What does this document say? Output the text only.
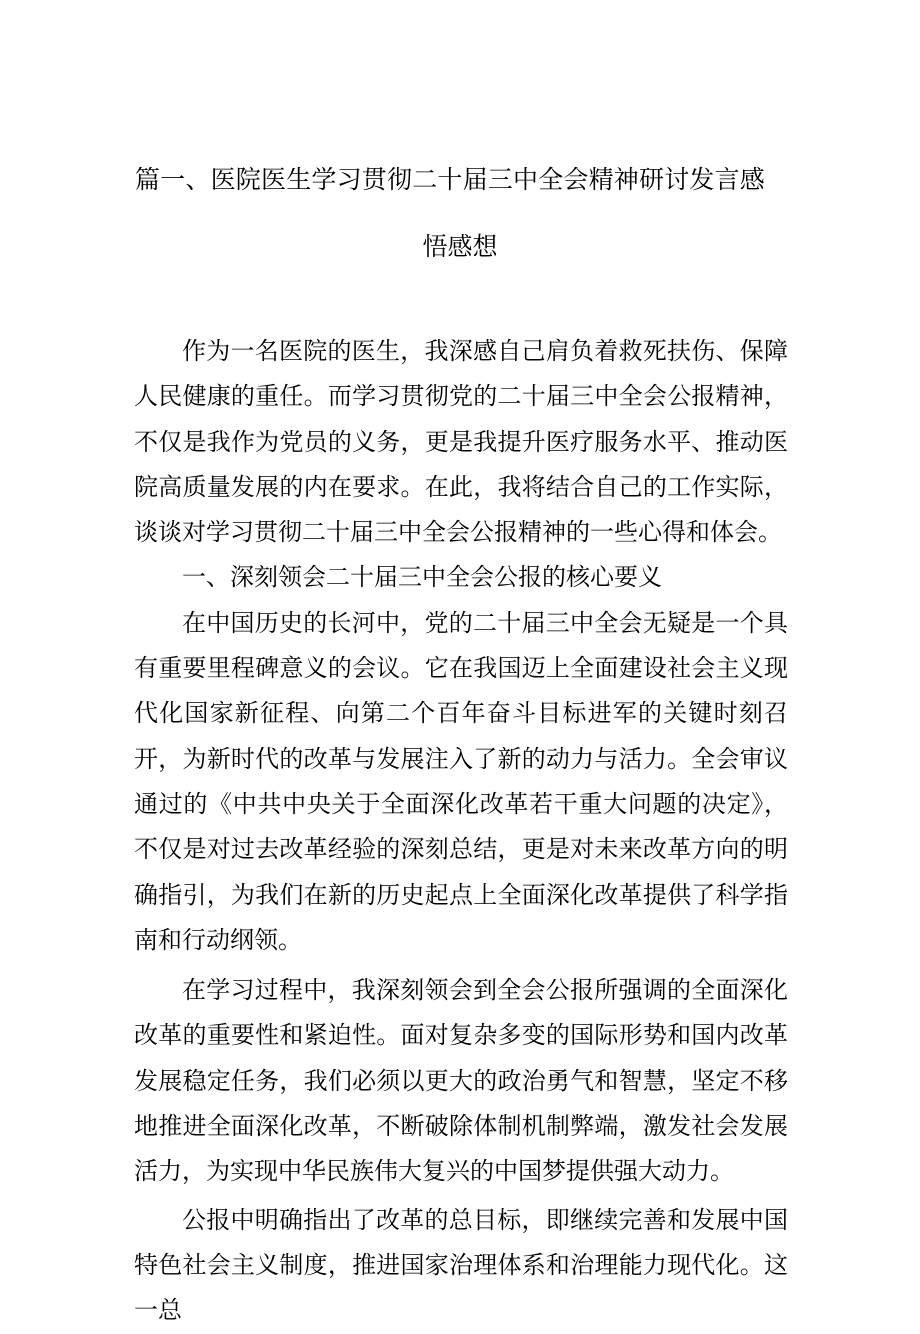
篇一、医院医生学习贯彻二十届三中全会精神研讨发言感
悟感想

作为一名医院的医生，我深感自己肩负着救死扶伤、保障人民健康的重任。而学习贯彻党的二十届三中全会公报精神，不仅是我作为党员的义务，更是我提升医疗服务水平、推动医院高质量发展的内在要求。在此，我将结合自己的工作实际，谈谈对学习贯彻二十届三中全会公报精神的一些心得和体会。

一、深刻领会二十届三中全会公报的核心要义

在中国历史的长河中，党的二十届三中全会无疑是一个具有重要里程碑意义的会议。它在我国迈上全面建设社会主义现代化国家新征程、向第二个百年奋斗目标进军的关键时刻召开，为新时代的改革与发展注入了新的动力与活力。全会审议通过的《中共中央关于全面深化改革若干重大问题的决定》，不仅是对过去改革经验的深刻总结，更是对未来改革方向的明确指引，为我们在新的历史起点上全面深化改革提供了科学指南和行动纲领。

在学习过程中，我深刻领会到全会公报所强调的全面深化改革的重要性和紧迫性。面对复杂多变的国际形势和国内改革发展稳定任务，我们必须以更大的政治勇气和智慧，坚定不移地推进全面深化改革，不断破除体制机制弊端，激发社会发展活力，为实现中华民族伟大复兴的中国梦提供强大动力。

公报中明确指出了改革的总目标，即继续完善和发展中国特色社会主义制度，推进国家治理体系和治理能力现代化。这一总
